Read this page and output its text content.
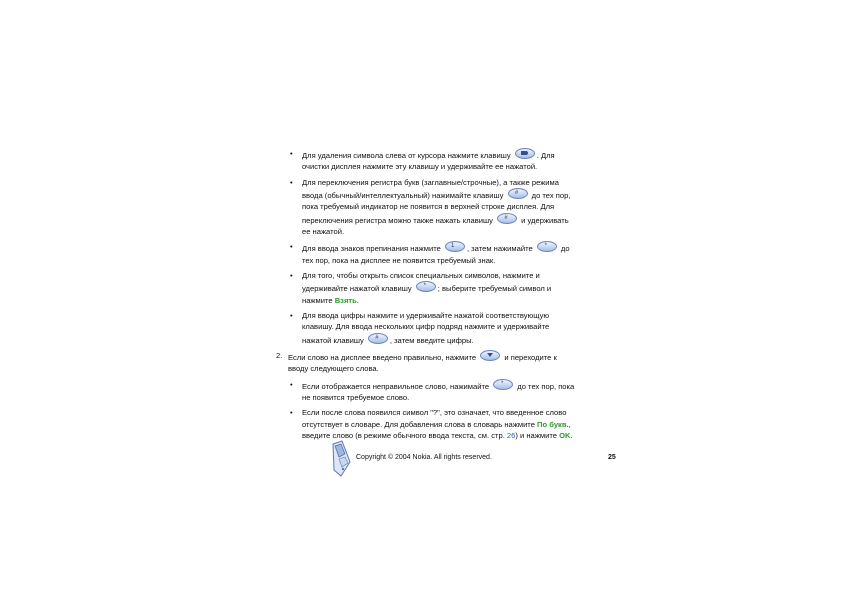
• Для удаления символа слева от курсора нажмите клавишу	. Для очистки дисплея нажмите эту клавишу и удерживайте ее нажатой.
• Для переключения регистра букв (заглавные/строчные), а также режима ввода (обычный/интеллектуальный) нажимайте клавишу	#	до тех пор, пока требуемый индикатор не появится в верхней строке дисплея. Для переключения регистра можно также нажать клавишу	#	и удерживать ее нажатой.
• Для ввода знаков препинания нажмите 1	, затем нажимайте	*	до тех пор, пока на дисплее не появится требуемый знак.
• Для того, чтобы открыть список специальных символов, нажмите и удерживайте нажатой клавишу	*	; выберите требуемый символ и нажмите Взять.
• Для ввода цифры нажмите и удерживайте нажатой соответствующую клавишу. Для ввода нескольких цифр подряд нажмите и удерживайте нажатой клавишу	#	, затем введите цифры.
2. Если слово на дисплее введено правильно, нажмите	и переходите к вводу следующего слова.
• Если отображается неправильное слово, нажимайте	*	до тех пор, пока не появится требуемое слово.
• Если после слова появился символ "?", это означает, что введенное слово отсутствует в словаре. Для добавления слова в словарь нажмите По букв., введите слово (в режиме обычного ввода текста, см. стр. 26) и нажмите OK.
Copyright © 2004 Nokia. All rights reserved.	25
